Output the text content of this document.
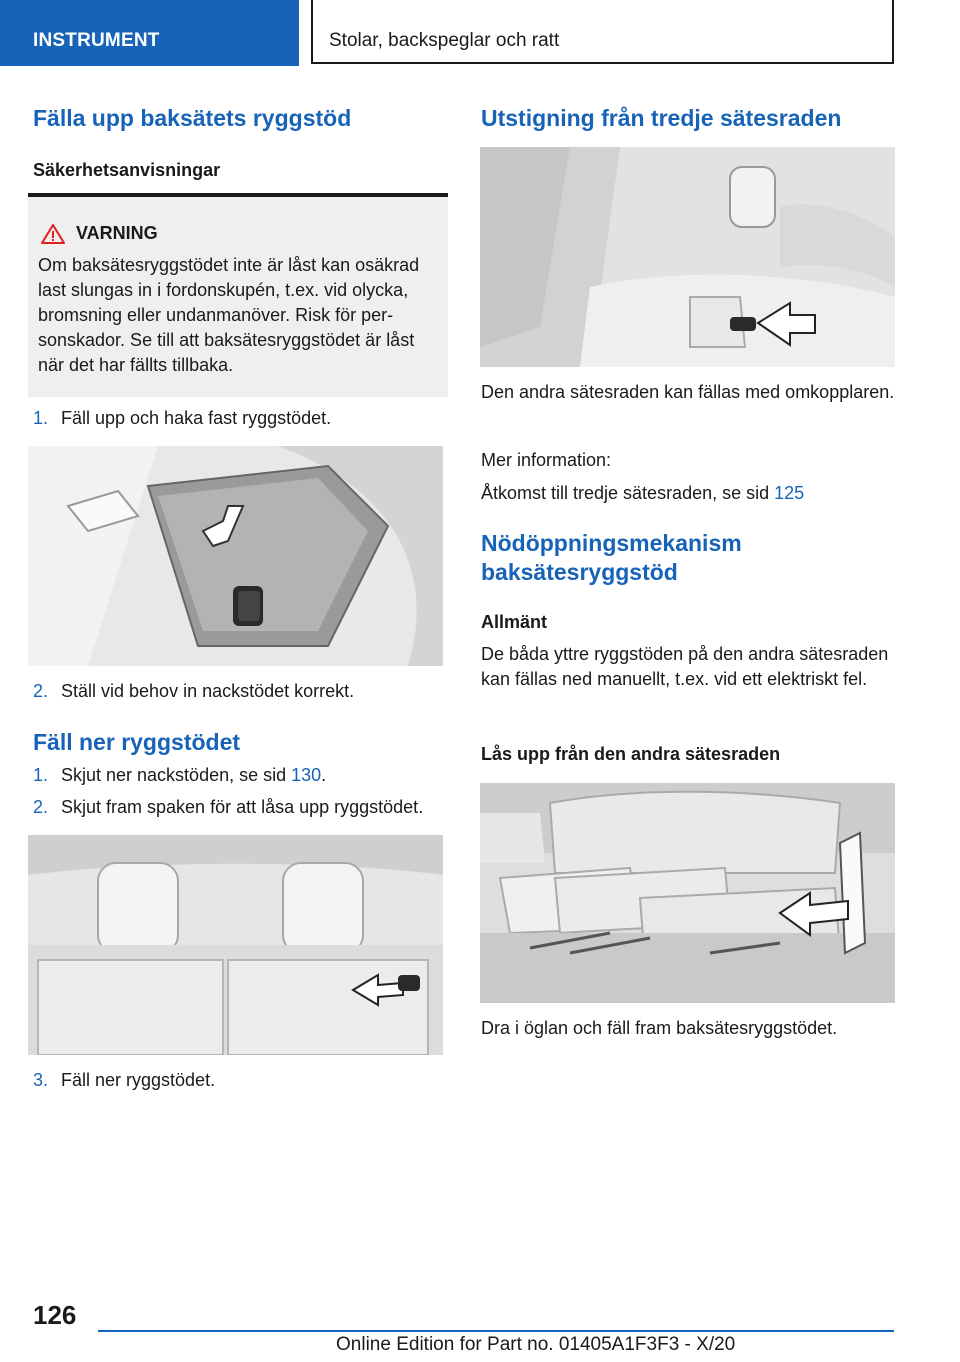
INSTRUMENT	Stolar, backspeglar och ratt
Fälla upp baksätets ryggstöd
Säkerhetsanvisningar
VARNING
Om baksätesryggstödet inte är låst kan osäkrad last slungas in i fordonskupén, t.ex. vid olycka, bromsning eller undanmanöver. Risk för personskador. Se till att baksätesryggstödet är låst när det har fällts tillbaka.
1. Fäll upp och haka fast ryggstödet.
2. Ställ vid behov in nackstödet korrekt.
Fäll ner ryggstödet
1. Skjut ner nackstöden, se sid 130.
2. Skjut fram spaken för att låsa upp ryggstödet.
3. Fäll ner ryggstödet.
Utstigning från tredje sätesraden

Den andra sätesraden kan fällas med omkopplaren.

Mer information:

Åtkomst till tredje sätesraden, se sid 125

Nödöppningsmekanism
baksätesryggstöd
Allmänt

De båda yttre ryggstöden på den andra sätesraden kan fällas ned manuellt, t.ex. vid ett elektriskt fel.

Lås upp från den andra sätesraden

Dra i öglan och fäll fram baksätesryggstödet.

126
Online Edition for Part no. 01405A1F3F3 - X/20
